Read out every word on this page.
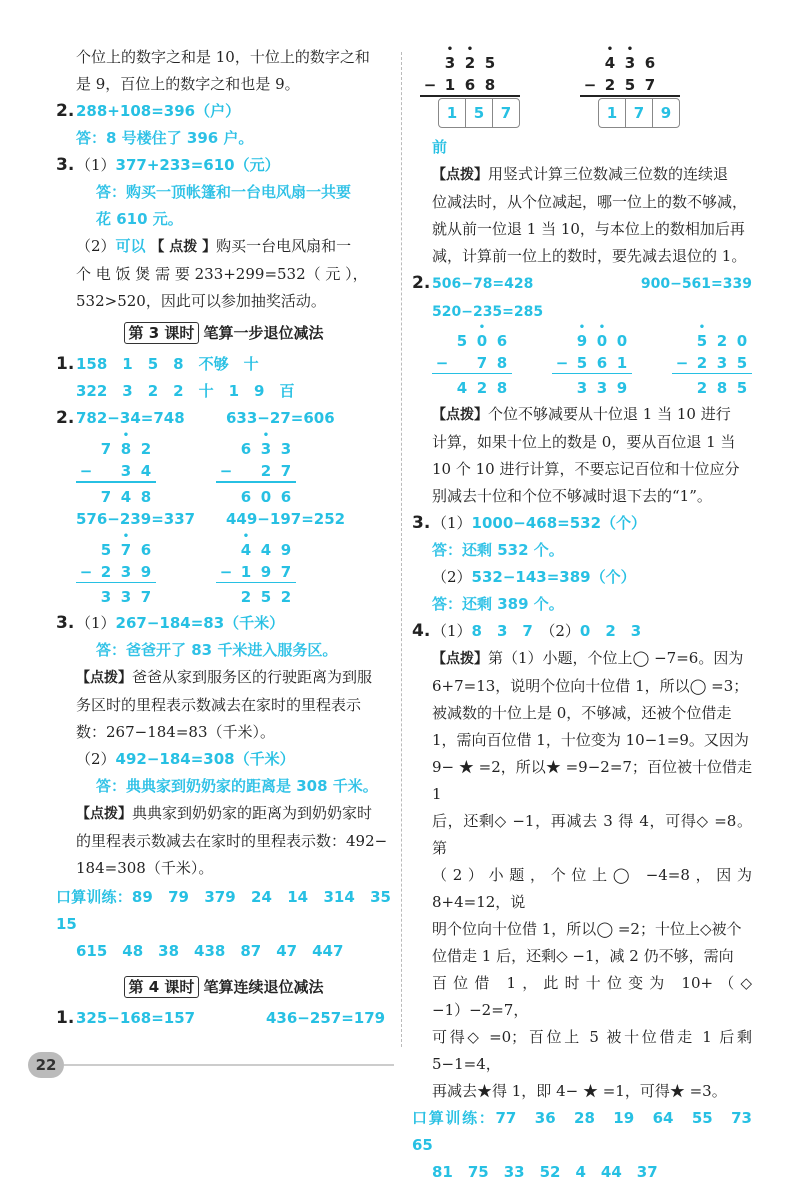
个位上的数字之和是 10，十位上的数字之和

是 9，百位上的数字之和也是 9。

2. 288+108=396（户）

答：8 号楼住了 396 户。

3. （1）377+233=610（元）

答：购买一顶帐篷和一台电风扇一共要

花 610 元。

（2）可以 【 点拨 】购买一台电风扇和一

个 电 饭 煲 需 要 233+299=532（ 元 ），

532>520，因此可以参加抽奖活动。

第 3 课时 笔算一步退位减法

1. 158　1　5　8　不够　十

322　3　2　2　十　1　9　百

2. 782−34=748	633−27=606

7 • 8 2
−	3 4
7 4 8
6 • 3 3
−	2 7
6 0 6

576−239=337	449−197=252

5 • 7 6
− 2 3 9
3 3 7
• 4 4 9
− 1 9 7
2 5 2

3. （1）267−184=83（千米）

答：爸爸开了 83 千米进入服务区。

【点拨】爸爸从家到服务区的行驶距离为到服

务区时的里程表示数减去在家时的里程表示

数：267−184=83（千米）。

（2）492−184=308（千米）

答：典典家到奶奶家的距离是 308 千米。

【点拨】典典家到奶奶家的距离为到奶奶家时

的里程表示数减去在家时的里程表示数：492−

184=308（千米）。

口算训练：89　79　379　24　14　314　35　15

615　48　38　438　87　47　447

第 4 课时 笔算连续退位减法

1. 325−168=157	436−257=179

• 3 • 2 5
− 1 6 8
1	5	7
• 4 • 3 6
− 2 5 7
1	7	9

前

【点拨】用竖式计算三位数减三位数的连续退

位减法时，从个位减起，哪一位上的数不够减，

就从前一位退 1 当 10，与本位上的数相加后再

减，计算前一位上的数时，要先减去退位的 1。

2. 506−78=428　900−561=339　520−235=285

5 • 0 6
−	7 8
4 2 8
• 9 • 0 0
− 5 6 1
3 3 9
• 5 2 0
− 2 3 5
2 8 5

【点拨】个位不够减要从十位退 1 当 10 进行

计算，如果十位上的数是 0，要从百位退 1 当

10 个 10 进行计算，不要忘记百位和十位应分

别减去十位和个位不够减时退下去的“1”。

3. （1）1000−468=532（个）

答：还剩 532 个。

（2）532−143=389（个）

答：还剩 389 个。

4. （1）8　3　7　 （2）0　2　3

【点拨】第（1）小题，个位上◯ −7=6。因为

6+7=13，说明个位向十位借 1，所以◯ =3；

被减数的十位上是 0，不够减，还被个位借走

1，需向百位借 1，十位变为 10−1=9。又因为

9− ★ =2，所以★ =9−2=7；百位被十位借走 1

后，还剩◇ −1，再减去 3 得 4，可得◇ =8。第

（2）小题，个位上◯ −4=8，因为 8+4=12，说

明个位向十位借 1，所以◯ =2；十位上◇被个

位借走 1 后，还剩◇ −1，减 2 仍不够，需向

百位借 1，此时十位变为 10+（◇ −1）−2=7，

可得◇ =0；百位上 5 被十位借走 1 后剩 5−1=4，

再减去★得 1，即 4− ★ =1，可得★ =3。

口算训练：77　36　28　19　64　55　73　65

81　75　33　52　4　44　37

22
